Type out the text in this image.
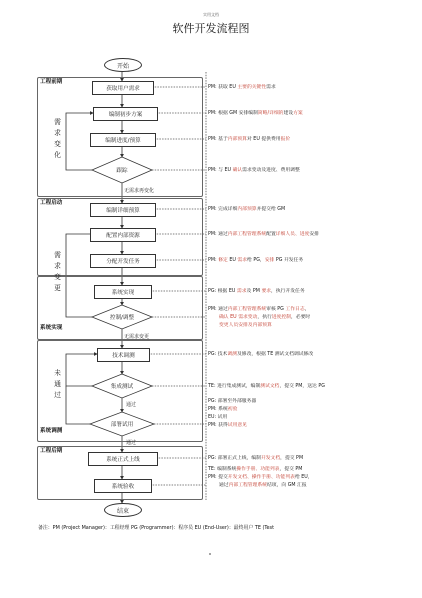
实用文档
软件开发流程图
工程前期
工程启动
系统实现
系统调测
工程后期
开始
获取用户需求
编制初步方案
编制进度/预算
跟踪
编制详细预算
配置内部资源
分配开发任务
系统实现
控制/调整
技术调测
集成测试
部署试用
系统正式上线
系统验收
结束
需求变化
需求变更
未通过
无需求再变化
无需求变更
通过
通过
PM: 获取 EU 主要的关键性需求
PM: 根据 GM 安排编制简略/详细的建设方案
PM: 基于内部预算对 EU 提供费用报价
PM: 与 EU 确认需求变动及进度、费用调整
PM: 完成详细内部预算并提交给 GM
PM: 通过内部工程管理系统配置详细人员、进度安排
PM: 修定 EU 需求给 PG，安排 PG 开发任务
PG: 根据 EU 需求及 PM 要求，执行开发任务
PM: 通过内部工程管理系统审核 PG 工作日志，
确认 EU 需求变动，执行进度控制，必要时
变更人员安排及内部预算
PG: 技术调测及修改，根据 TE 测试文档调试修改
TE: 进行集成测试，编制测试文档，提交 PM，送达 PG
PG: 部署至外部服务器
PM: 系统初验
EU: 试用
PM: 获得试用意见
PG: 部署正式上线，编制开发文档，提交 PM
TE: 编制系统操作手册、功能列表，提交 PM
PM: 提交开发文档、操作手册、功能列表给 EU，
通过内部工程管理系统结项，向 GM 汇报
备注：PM (Project Manager)：工程经理 PG (Programmer)：程序员 EU (End-User)：最终用户 TE (Test
